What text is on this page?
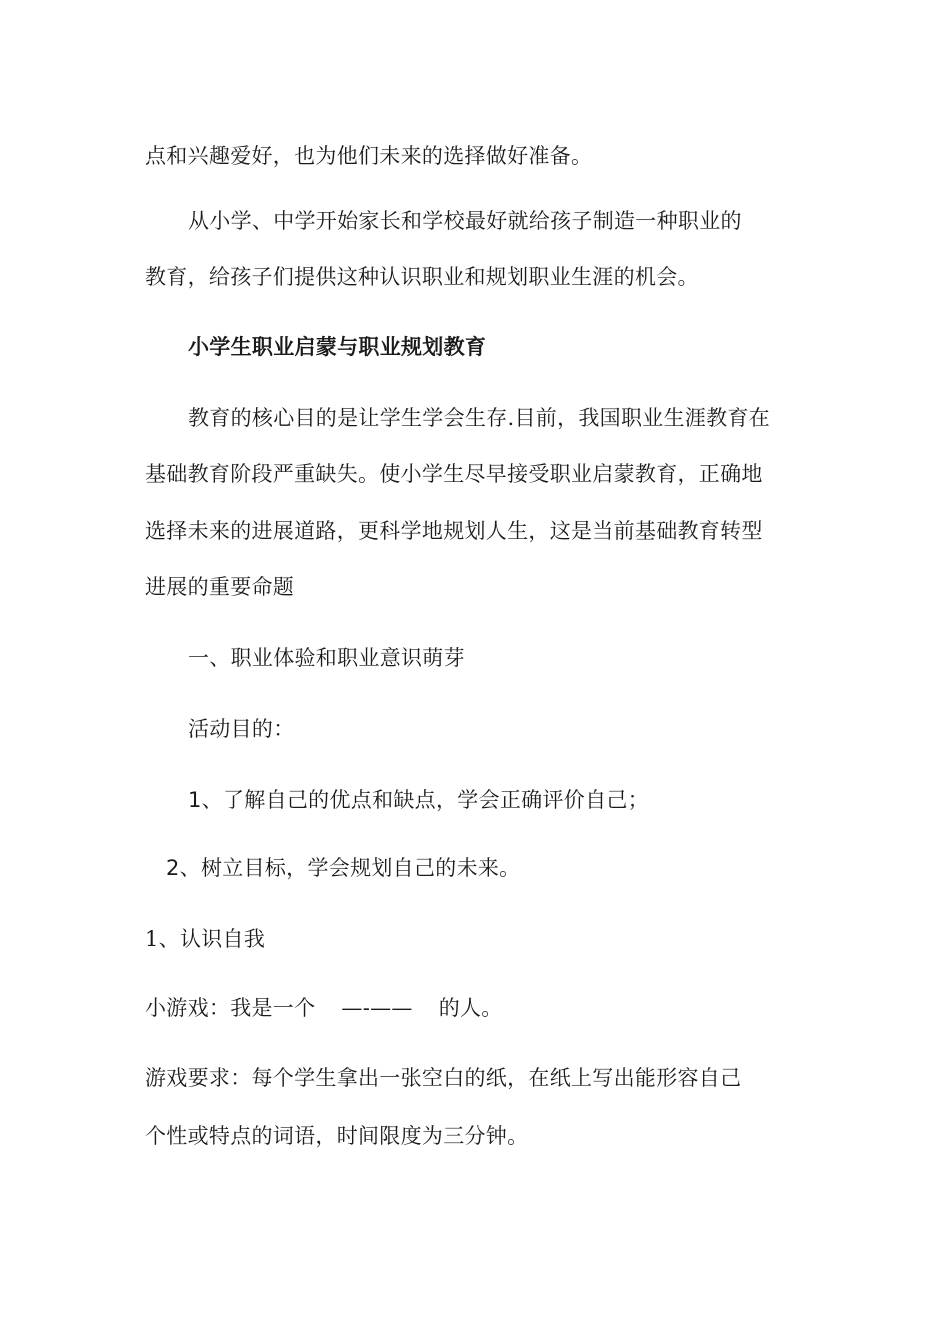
点和兴趣爱好，也为他们未来的选择做好准备。

从小学、中学开始家长和学校最好就给孩子制造一种职业的

教育，给孩子们提供这种认识职业和规划职业生涯的机会。

小学生职业启蒙与职业规划教育

教育的核心目的是让学生学会生存.目前，我国职业生涯教育在

基础教育阶段严重缺失。使小学生尽早接受职业启蒙教育，正确地

选择未来的进展道路，更科学地规划人生，这是当前基础教育转型

进展的重要命题

一、职业体验和职业意识萌芽

活动目的：

1、了解自己的优点和缺点，学会正确评价自己；

2、树立目标，学会规划自己的未来。

1、认识自我

小游戏：我是一个 —-—— 的人。

游戏要求：每个学生拿出一张空白的纸，在纸上写出能形容自己

个性或特点的词语，时间限度为三分钟。
